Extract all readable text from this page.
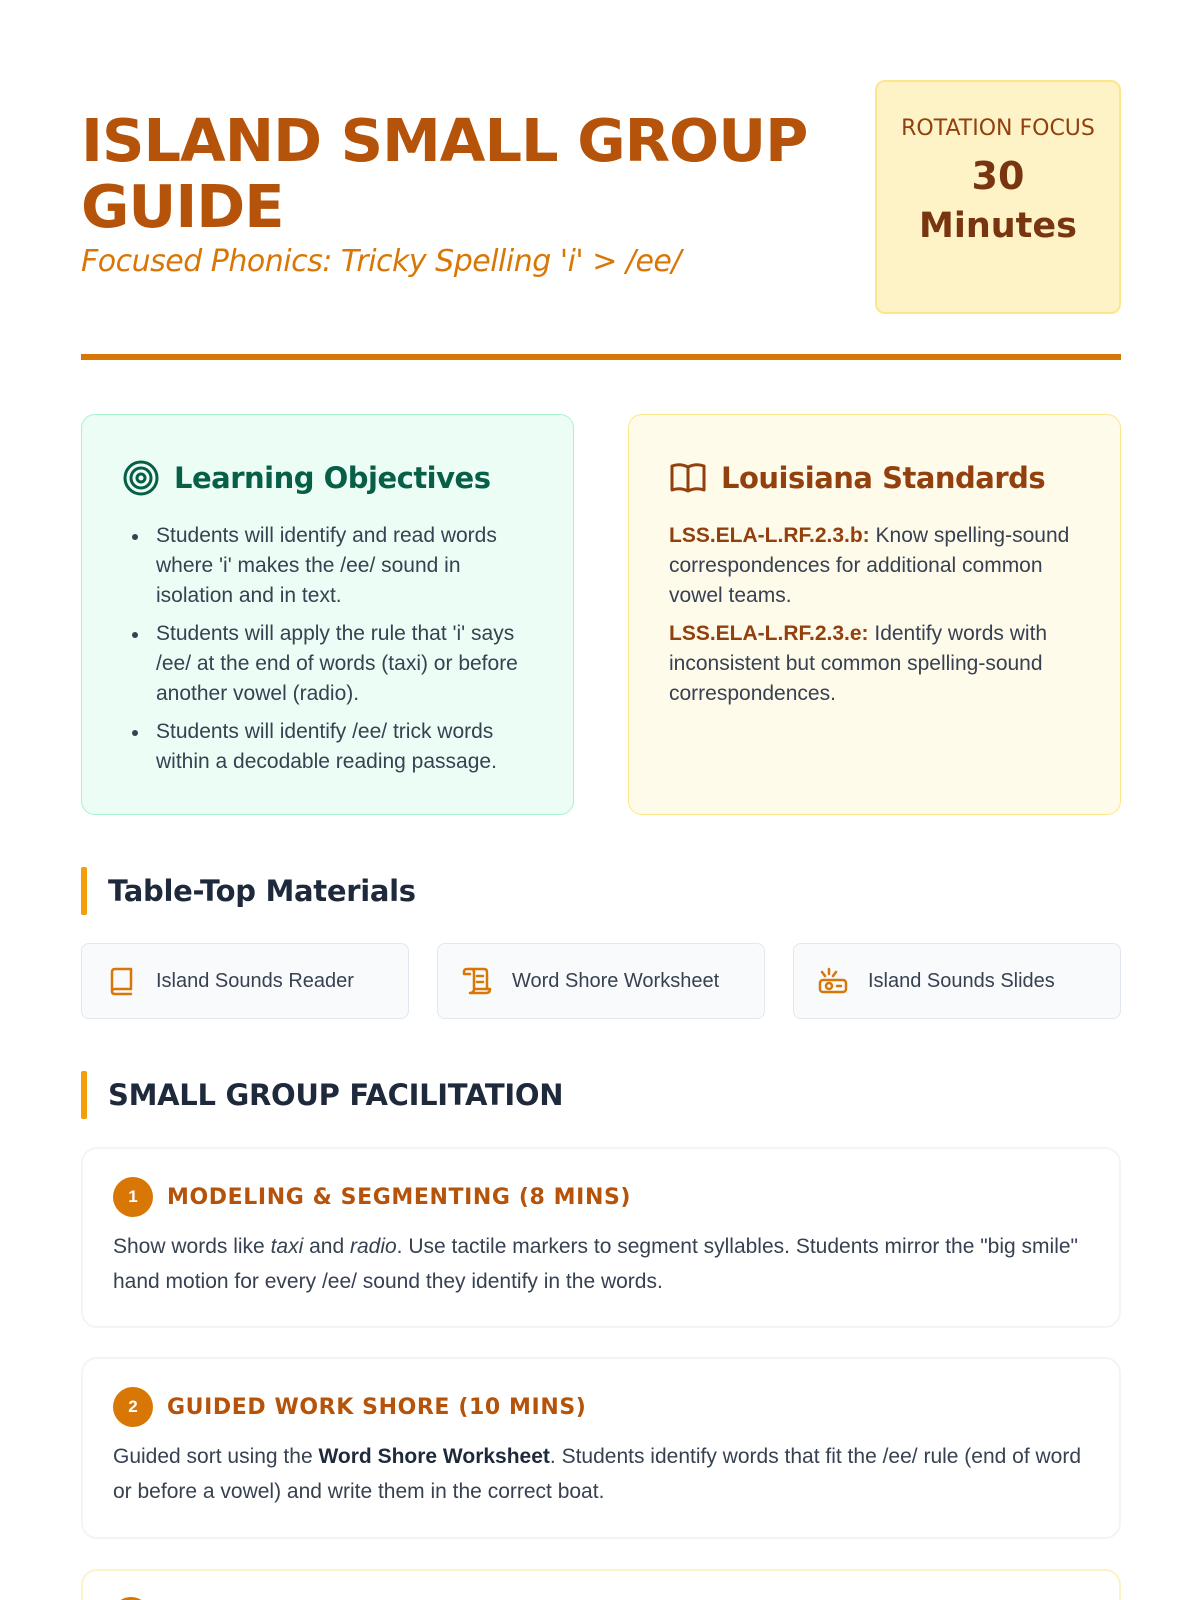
ISLAND SMALL GROUP GUIDE
Focused Phonics: Tricky Spelling 'i' > /ee/
ROTATION FOCUS
30
Minutes
Learning Objectives
Students will identify and read words where 'i' makes the /ee/ sound in isolation and in text.
Students will apply the rule that 'i' says /ee/ at the end of words (taxi) or before another vowel (radio).
Students will identify /ee/ trick words within a decodable reading passage.
Louisiana Standards
LSS.ELA-L.RF.2.3.b: Know spelling-sound correspondences for additional common vowel teams.
LSS.ELA-L.RF.2.3.e: Identify words with inconsistent but common spelling-sound correspondences.
Table-Top Materials
Island Sounds Reader	Word Shore Worksheet	Island Sounds Slides
SMALL GROUP FACILITATION
1	MODELING & SEGMENTING (8 MINS)
Show words like taxi and radio. Use tactile markers to segment syllables. Students mirror the "big smile" hand motion for every /ee/ sound they identify in the words.
2	GUIDED WORK SHORE (10 MINS)
Guided sort using the Word Shore Worksheet. Students identify words that fit the /ee/ rule (end of word or before a vowel) and write them in the correct boat.
